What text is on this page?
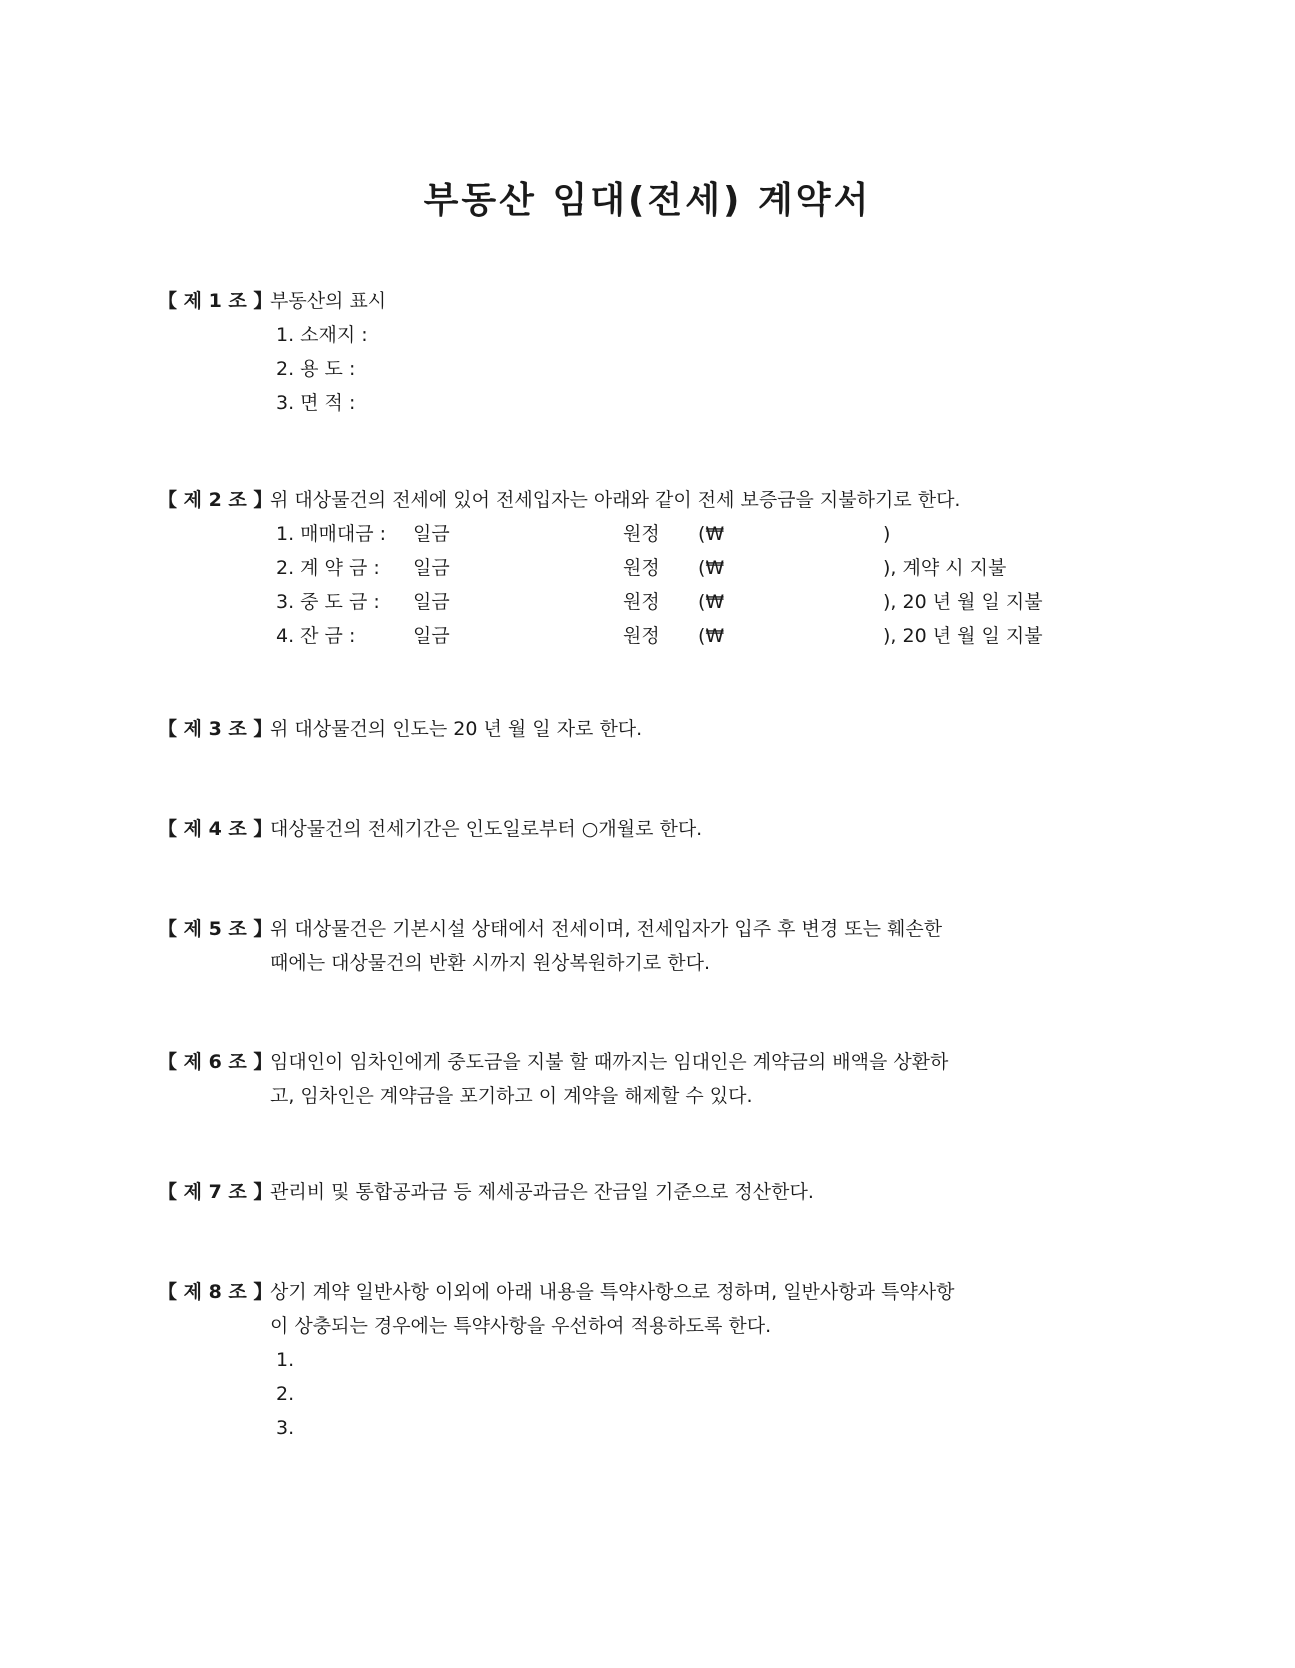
부동산 임대(전세) 계약서
【 제 1 조 】
부동산의 표시
1. 소재지 :
2. 용 도 :
3. 면 적 :
【 제 2 조 】
위 대상물건의 전세에 있어 전세입자는 아래와 같이 전세 보증금을 지불하기로 한다.
1. 매매대금 : 일금	원정 (₩	)
2. 계 약 금 : 일금	원정 (₩	), 계약 시 지불
3. 중 도 금 : 일금	원정 (₩	), 20 년 월 일 지불
4. 잔 금 :	일금	원정 (₩	), 20 년 월 일 지불
【 제 3 조 】
위 대상물건의 인도는 20 년 월 일 자로 한다.
【 제 4 조 】
대상물건의 전세기간은 인도일로부터 ○개월로 한다.
【 제 5 조 】
위 대상물건은 기본시설 상태에서 전세이며, 전세입자가 입주 후 변경 또는 훼손한
때에는 대상물건의 반환 시까지 원상복원하기로 한다.
【 제 6 조 】
임대인이 임차인에게 중도금을 지불 할 때까지는 임대인은 계약금의 배액을 상환하
고, 임차인은 계약금을 포기하고 이 계약을 해제할 수 있다.
【 제 7 조 】
관리비 및 통합공과금 등 제세공과금은 잔금일 기준으로 정산한다.
【 제 8 조 】
상기 계약 일반사항 이외에 아래 내용을 특약사항으로 정하며, 일반사항과 특약사항
이 상충되는 경우에는 특약사항을 우선하여 적용하도록 한다.
1.
2.
3.
